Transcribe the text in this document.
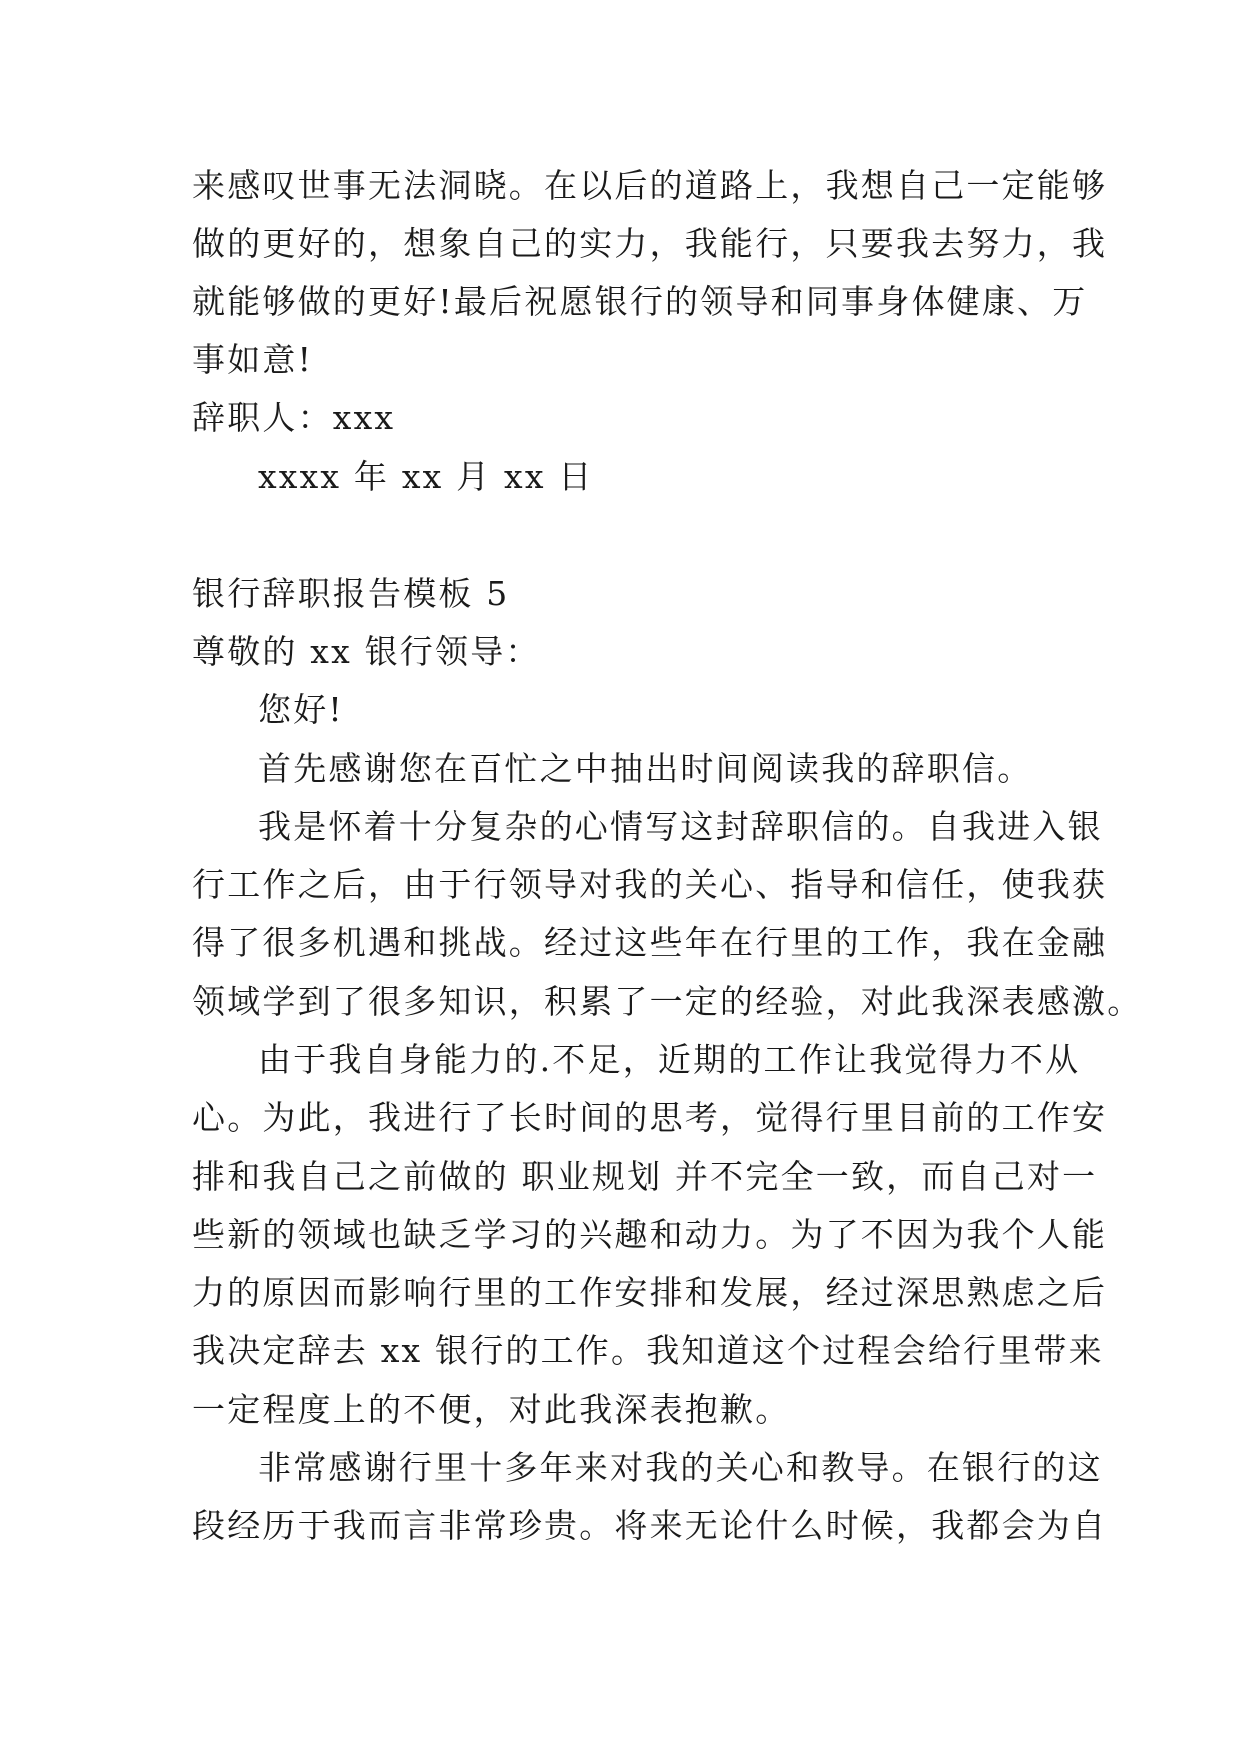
来感叹世事无法洞晓。在以后的道路上，我想自己一定能够
做的更好的，想象自己的实力，我能行，只要我去努力，我
就能够做的更好!最后祝愿银行的领导和同事身体健康、万
事如意!
辞职人：xxx
xxxx 年 xx 月 xx 日
银行辞职报告模板 5
尊敬的 xx 银行领导：
您好!
首先感谢您在百忙之中抽出时间阅读我的辞职信。
我是怀着十分复杂的心情写这封辞职信的。自我进入银
行工作之后，由于行领导对我的关心、指导和信任，使我获
得了很多机遇和挑战。经过这些年在行里的工作，我在金融
领域学到了很多知识，积累了一定的经验，对此我深表感激。
由于我自身能力的.不足，近期的工作让我觉得力不从
心。为此，我进行了长时间的思考，觉得行里目前的工作安
排和我自己之前做的 职业规划 并不完全一致，而自己对一
些新的领域也缺乏学习的兴趣和动力。为了不因为我个人能
力的原因而影响行里的工作安排和发展，经过深思熟虑之后
我决定辞去 xx 银行的工作。我知道这个过程会给行里带来
一定程度上的不便，对此我深表抱歉。
非常感谢行里十多年来对我的关心和教导。在银行的这
段经历于我而言非常珍贵。将来无论什么时候，我都会为自
